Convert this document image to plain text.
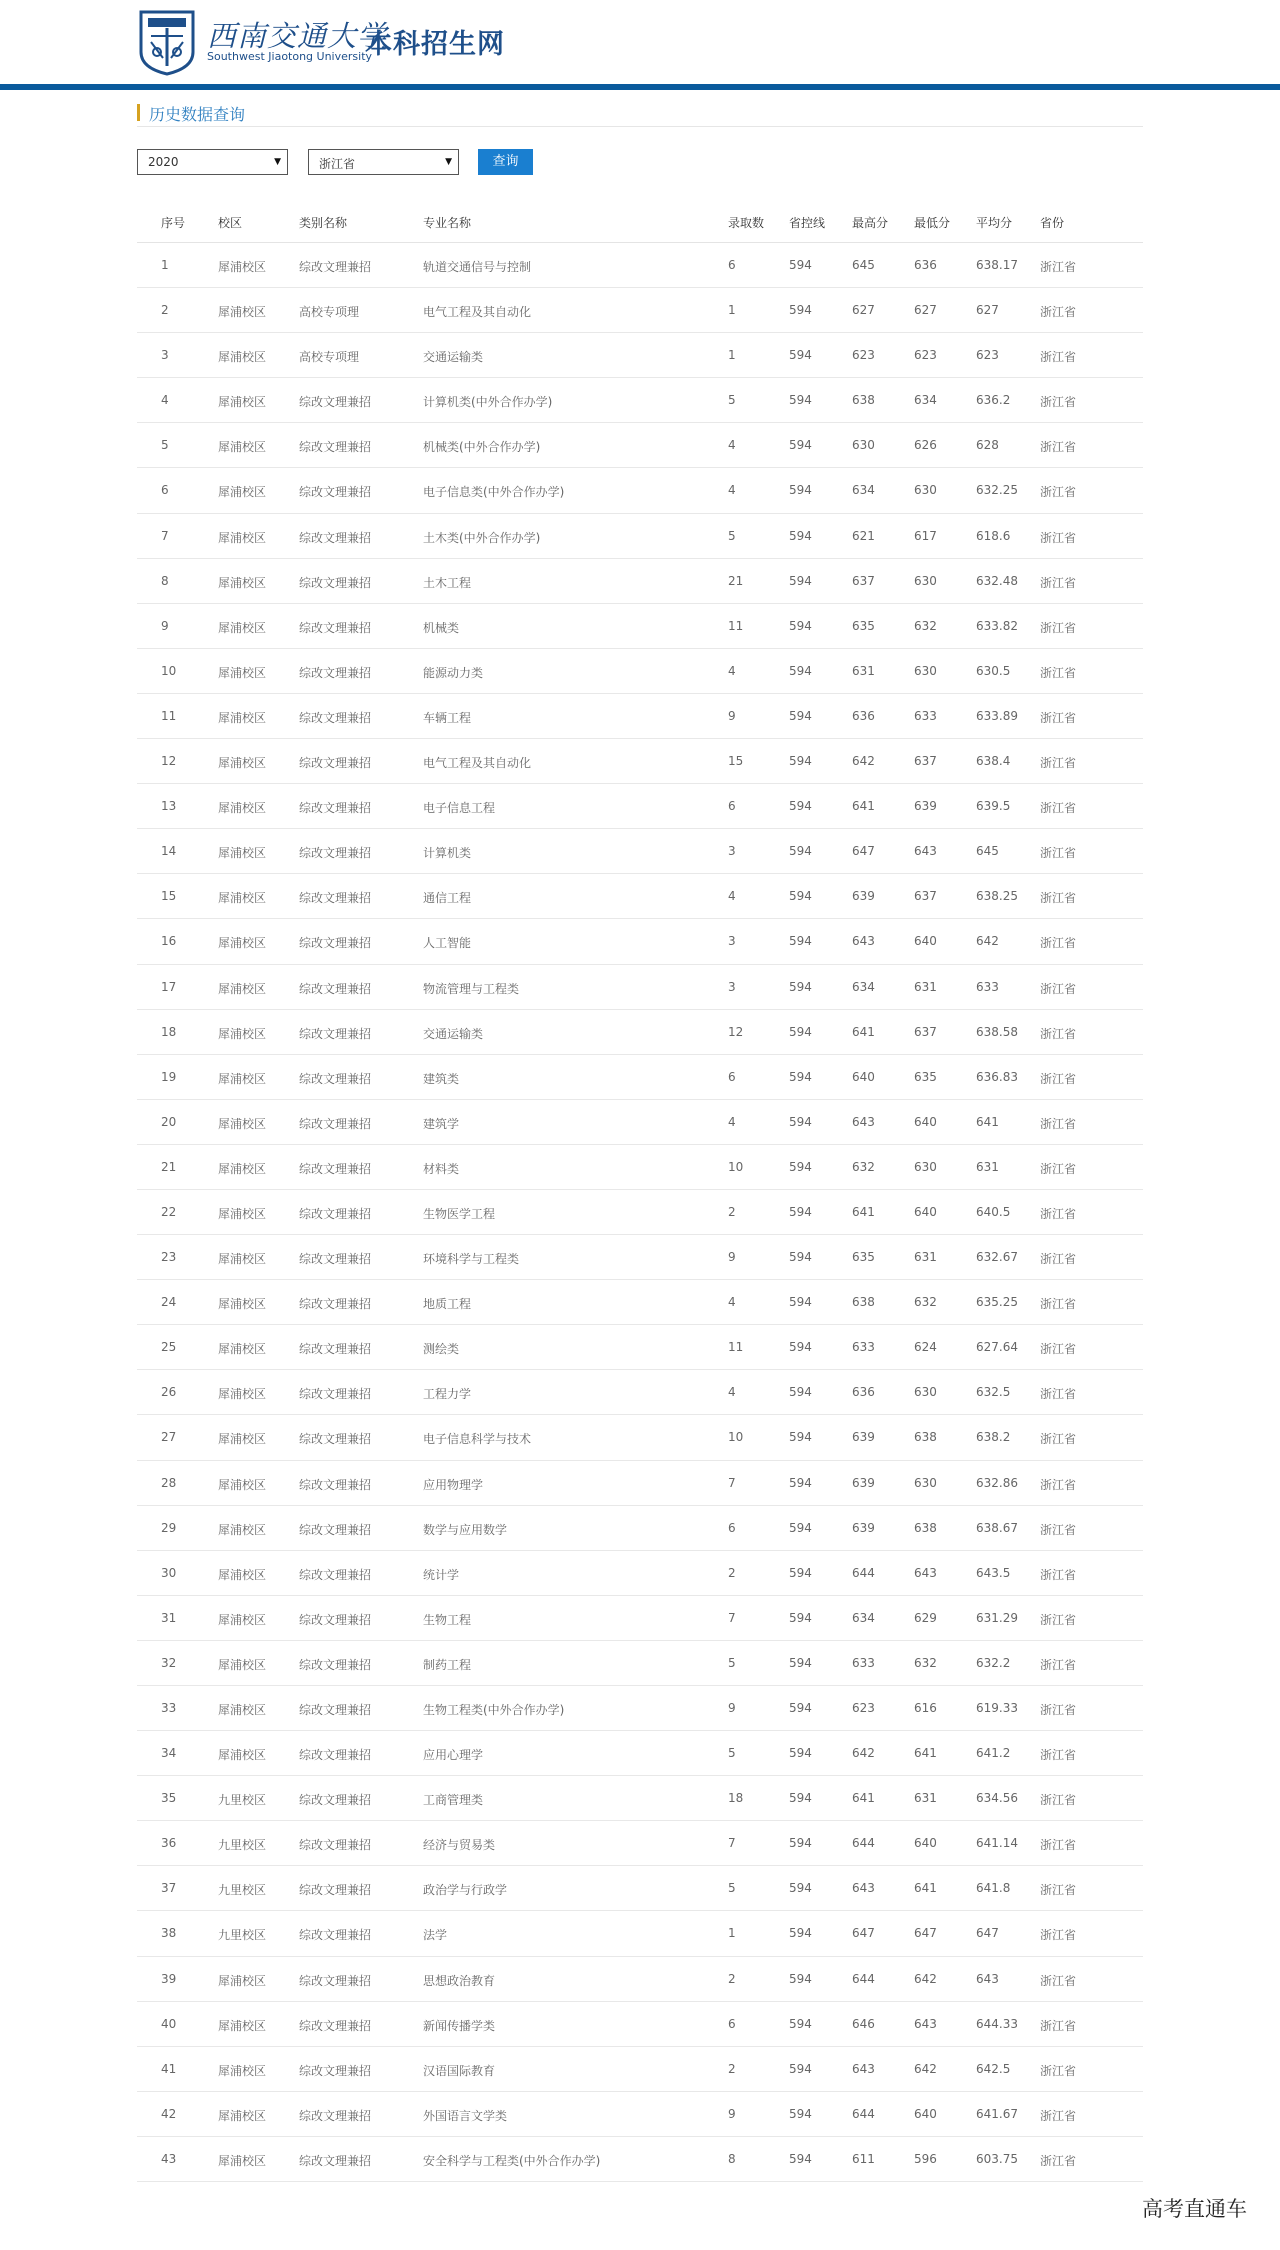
西南交通大学
Southwest Jiaotong University
本科招生网
历史数据查询
2020	▼	浙江省	▼	查询
序号	校区	类别名称	专业名称	录取数 省控线 最高分 最低分 平均分 省份
1	犀浦校区	综改文理兼招	轨道交通信号与控制	6	594	645	636	638.17 浙江省
2	犀浦校区	高校专项理	电气工程及其自动化	1	594	627	627	627	浙江省
3	犀浦校区	高校专项理	交通运输类	1	594	623	623	623	浙江省
4	犀浦校区	综改文理兼招	计算机类(中外合作办学)	5	594	638	634	636.2 浙江省
5	犀浦校区	综改文理兼招	机械类(中外合作办学)	4	594	630	626	628	浙江省
6	犀浦校区	综改文理兼招	电子信息类(中外合作办学)	4	594	634	630	632.25 浙江省
7	犀浦校区	综改文理兼招	土木类(中外合作办学)	5	594	621	617	618.6 浙江省
8	犀浦校区	综改文理兼招	土木工程	21	594	637	630	632.48 浙江省
9	犀浦校区	综改文理兼招	机械类	11	594	635	632	633.82 浙江省
10	犀浦校区	综改文理兼招	能源动力类	4	594	631	630	630.5 浙江省
11	犀浦校区	综改文理兼招	车辆工程	9	594	636	633	633.89 浙江省
12	犀浦校区	综改文理兼招	电气工程及其自动化	15	594	642	637	638.4 浙江省
13	犀浦校区	综改文理兼招	电子信息工程	6	594	641	639	639.5 浙江省
14	犀浦校区	综改文理兼招	计算机类	3	594	647	643	645	浙江省
15	犀浦校区	综改文理兼招	通信工程	4	594	639	637	638.25 浙江省
16	犀浦校区	综改文理兼招	人工智能	3	594	643	640	642	浙江省
17	犀浦校区	综改文理兼招	物流管理与工程类	3	594	634	631	633	浙江省
18	犀浦校区	综改文理兼招	交通运输类	12	594	641	637	638.58 浙江省
19	犀浦校区	综改文理兼招	建筑类	6	594	640	635	636.83 浙江省
20	犀浦校区	综改文理兼招	建筑学	4	594	643	640	641	浙江省
21	犀浦校区	综改文理兼招	材料类	10	594	632	630	631	浙江省
22	犀浦校区	综改文理兼招	生物医学工程	2	594	641	640	640.5 浙江省
23	犀浦校区	综改文理兼招	环境科学与工程类	9	594	635	631	632.67 浙江省
24	犀浦校区	综改文理兼招	地质工程	4	594	638	632	635.25 浙江省
25	犀浦校区	综改文理兼招	测绘类	11	594	633	624	627.64 浙江省
26	犀浦校区	综改文理兼招	工程力学	4	594	636	630	632.5 浙江省
27	犀浦校区	综改文理兼招	电子信息科学与技术	10	594	639	638	638.2 浙江省
28	犀浦校区	综改文理兼招	应用物理学	7	594	639	630	632.86 浙江省
29	犀浦校区	综改文理兼招	数学与应用数学	6	594	639	638	638.67 浙江省
30	犀浦校区	综改文理兼招	统计学	2	594	644	643	643.5 浙江省
31	犀浦校区	综改文理兼招	生物工程	7	594	634	629	631.29 浙江省
32	犀浦校区	综改文理兼招	制药工程	5	594	633	632	632.2 浙江省
33	犀浦校区	综改文理兼招	生物工程类(中外合作办学)	9	594	623	616	619.33 浙江省
34	犀浦校区	综改文理兼招	应用心理学	5	594	642	641	641.2 浙江省
35	九里校区	综改文理兼招	工商管理类	18	594	641	631	634.56 浙江省
36	九里校区	综改文理兼招	经济与贸易类	7	594	644	640	641.14 浙江省
37	九里校区	综改文理兼招	政治学与行政学	5	594	643	641	641.8 浙江省
38	九里校区	综改文理兼招	法学	1	594	647	647	647	浙江省
39	犀浦校区	综改文理兼招	思想政治教育	2	594	644	642	643	浙江省
40	犀浦校区	综改文理兼招	新闻传播学类	6	594	646	643	644.33 浙江省
41	犀浦校区	综改文理兼招	汉语国际教育	2	594	643	642	642.5 浙江省
42	犀浦校区	综改文理兼招	外国语言文学类	9	594	644	640	641.67 浙江省
43	犀浦校区	综改文理兼招	安全科学与工程类(中外合作办学)	8	594	611	596	603.75 浙江省
高考直通车
